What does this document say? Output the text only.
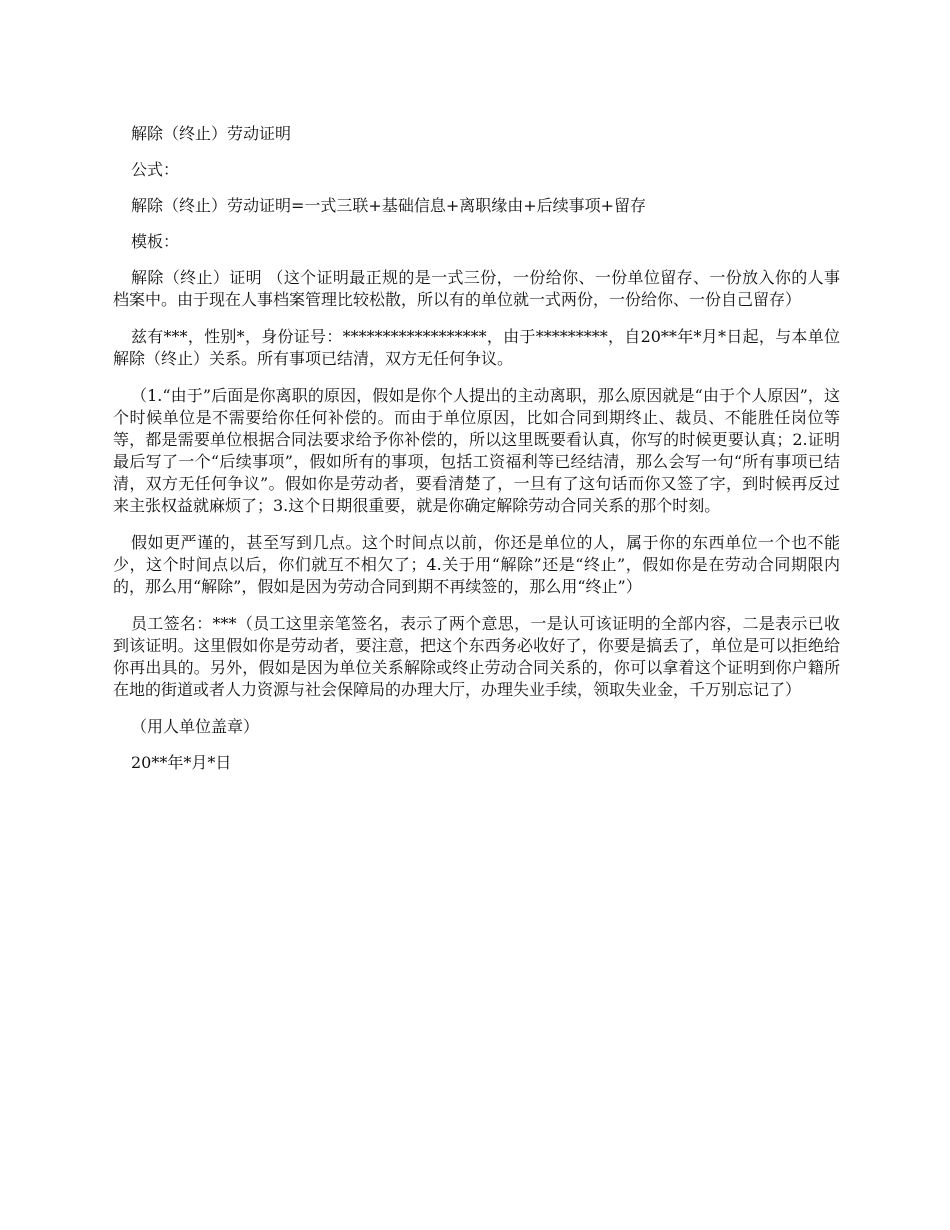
解除（终止）劳动证明

公式：

解除（终止）劳动证明=一式三联+基础信息+离职缘由+后续事项+留存

模板：

解除（终止）证明 （这个证明最正规的是一式三份，一份给你、一份单位留存、一份放入你的人事档案中。由于现在人事档案管理比较松散，所以有的单位就一式两份，一份给你、一份自己留存）

兹有***，性别*，身份证号：******************，由于*********，自20**年*月*日起，与本单位解除（终止）关系。所有事项已结清，双方无任何争议。

（1.“由于”后面是你离职的原因，假如是你个人提出的主动离职，那么原因就是“由于个人原因”，这个时候单位是不需要给你任何补偿的。而由于单位原因，比如合同到期终止、裁员、不能胜任岗位等等，都是需要单位根据合同法要求给予你补偿的，所以这里既要看认真，你写的时候更要认真；2.证明最后写了一个“后续事项”，假如所有的事项，包括工资福利等已经结清，那么会写一句“所有事项已结清，双方无任何争议”。假如你是劳动者，要看清楚了，一旦有了这句话而你又签了字，到时候再反过来主张权益就麻烦了；3.这个日期很重要，就是你确定解除劳动合同关系的那个时刻。

假如更严谨的，甚至写到几点。这个时间点以前，你还是单位的人，属于你的东西单位一个也不能少，这个时间点以后，你们就互不相欠了；4.关于用“解除”还是“终止”，假如你是在劳动合同期限内的，那么用“解除”，假如是因为劳动合同到期不再续签的，那么用“终止”）

员工签名：***（员工这里亲笔签名，表示了两个意思，一是认可该证明的全部内容，二是表示已收到该证明。这里假如你是劳动者，要注意，把这个东西务必收好了，你要是搞丢了，单位是可以拒绝给你再出具的。另外，假如是因为单位关系解除或终止劳动合同关系的，你可以拿着这个证明到你户籍所在地的街道或者人力资源与社会保障局的办理大厅，办理失业手续，领取失业金，千万别忘记了）

（用人单位盖章）

20**年*月*日
